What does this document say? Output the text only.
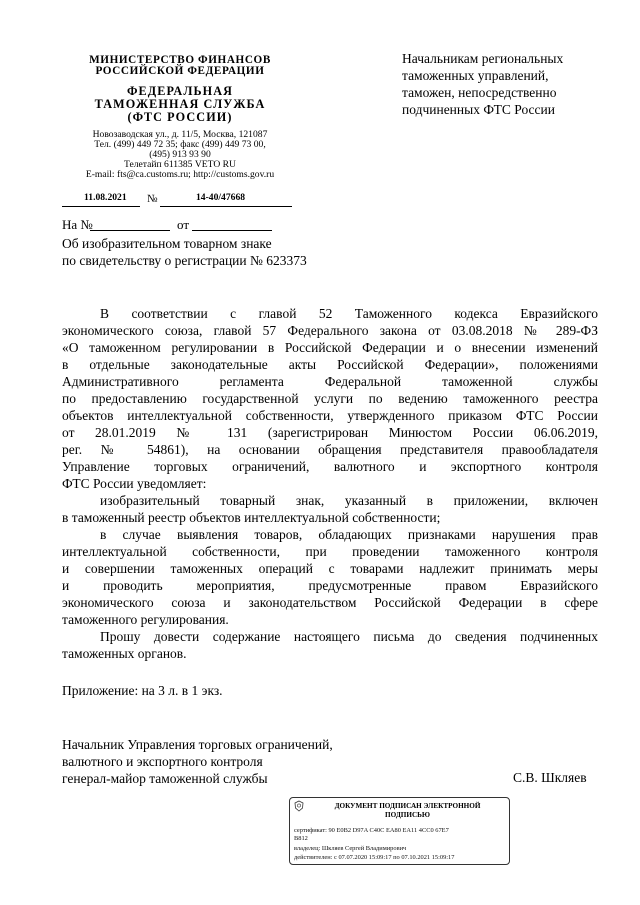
МИНИСТЕРСТВО ФИНАНСОВ
РОССИЙСКОЙ ФЕДЕРАЦИИ
ФЕДЕРАЛЬНАЯ
ТАМОЖЕННАЯ СЛУЖБА
(ФТС РОССИИ)
Новозаводская ул., д. 11/5, Москва, 121087
Тел. (499) 449 72 35; факс (499) 449 73 00,
(495) 913 93 90
Телетайп 611385 VETO RU
E-mail: fts@ca.customs.ru; http://customs.gov.ru
11.08.2021 №	14-40/47668
На №	от
Об изобразительном товарном знаке
по свидетельству о регистрации № 623373
Начальникам региональных
таможенных управлений,
таможен, непосредственно
подчиненных ФТС России
В соответствии с главой 52 Таможенного кодекса Евразийского
экономического союза, главой 57 Федерального закона от 03.08.2018 № 289-ФЗ
«О таможенном регулировании в Российской Федерации и о внесении изменений
в отдельные законодательные акты Российской Федерации», положениями
Административного регламента Федеральной таможенной службы
по предоставлению государственной услуги по ведению таможенного реестра
объектов интеллектуальной собственности, утвержденного приказом ФТС России
от 28.01.2019 № 131 (зарегистрирован Минюстом России 06.06.2019,
рег. № 54861), на основании обращения представителя правообладателя
Управление торговых ограничений, валютного и экспортного контроля
ФТС России уведомляет:
изобразительный товарный знак, указанный в приложении, включен
в таможенный реестр объектов интеллектуальной собственности;
в случае выявления товаров, обладающих признаками нарушения прав
интеллектуальной собственности, при проведении таможенного контроля
и совершении таможенных операций с товарами надлежит принимать меры
и проводить мероприятия, предусмотренные правом Евразийского
экономического союза и законодательством Российской Федерации в сфере
таможенного регулирования.
Прошу довести содержание настоящего письма до сведения подчиненных
таможенных органов.
Приложение: на 3 л. в 1 экз.
Начальник Управления торговых ограничений,
валютного и экспортного контроля
генерал-майор таможенной службы	С.В. Шкляев
ДОКУМЕНТ ПОДПИСАН ЭЛЕКТРОННОЙ
ПОДПИСЬЮ
сертификат: 90 E0B2 D97A C40C EA80 EA11 4CC0 67E7
B812
владелец: Шкляев Сергей Владимирович
действителен: с 07.07.2020 15:09:17 по 07.10.2021 15:09:17
